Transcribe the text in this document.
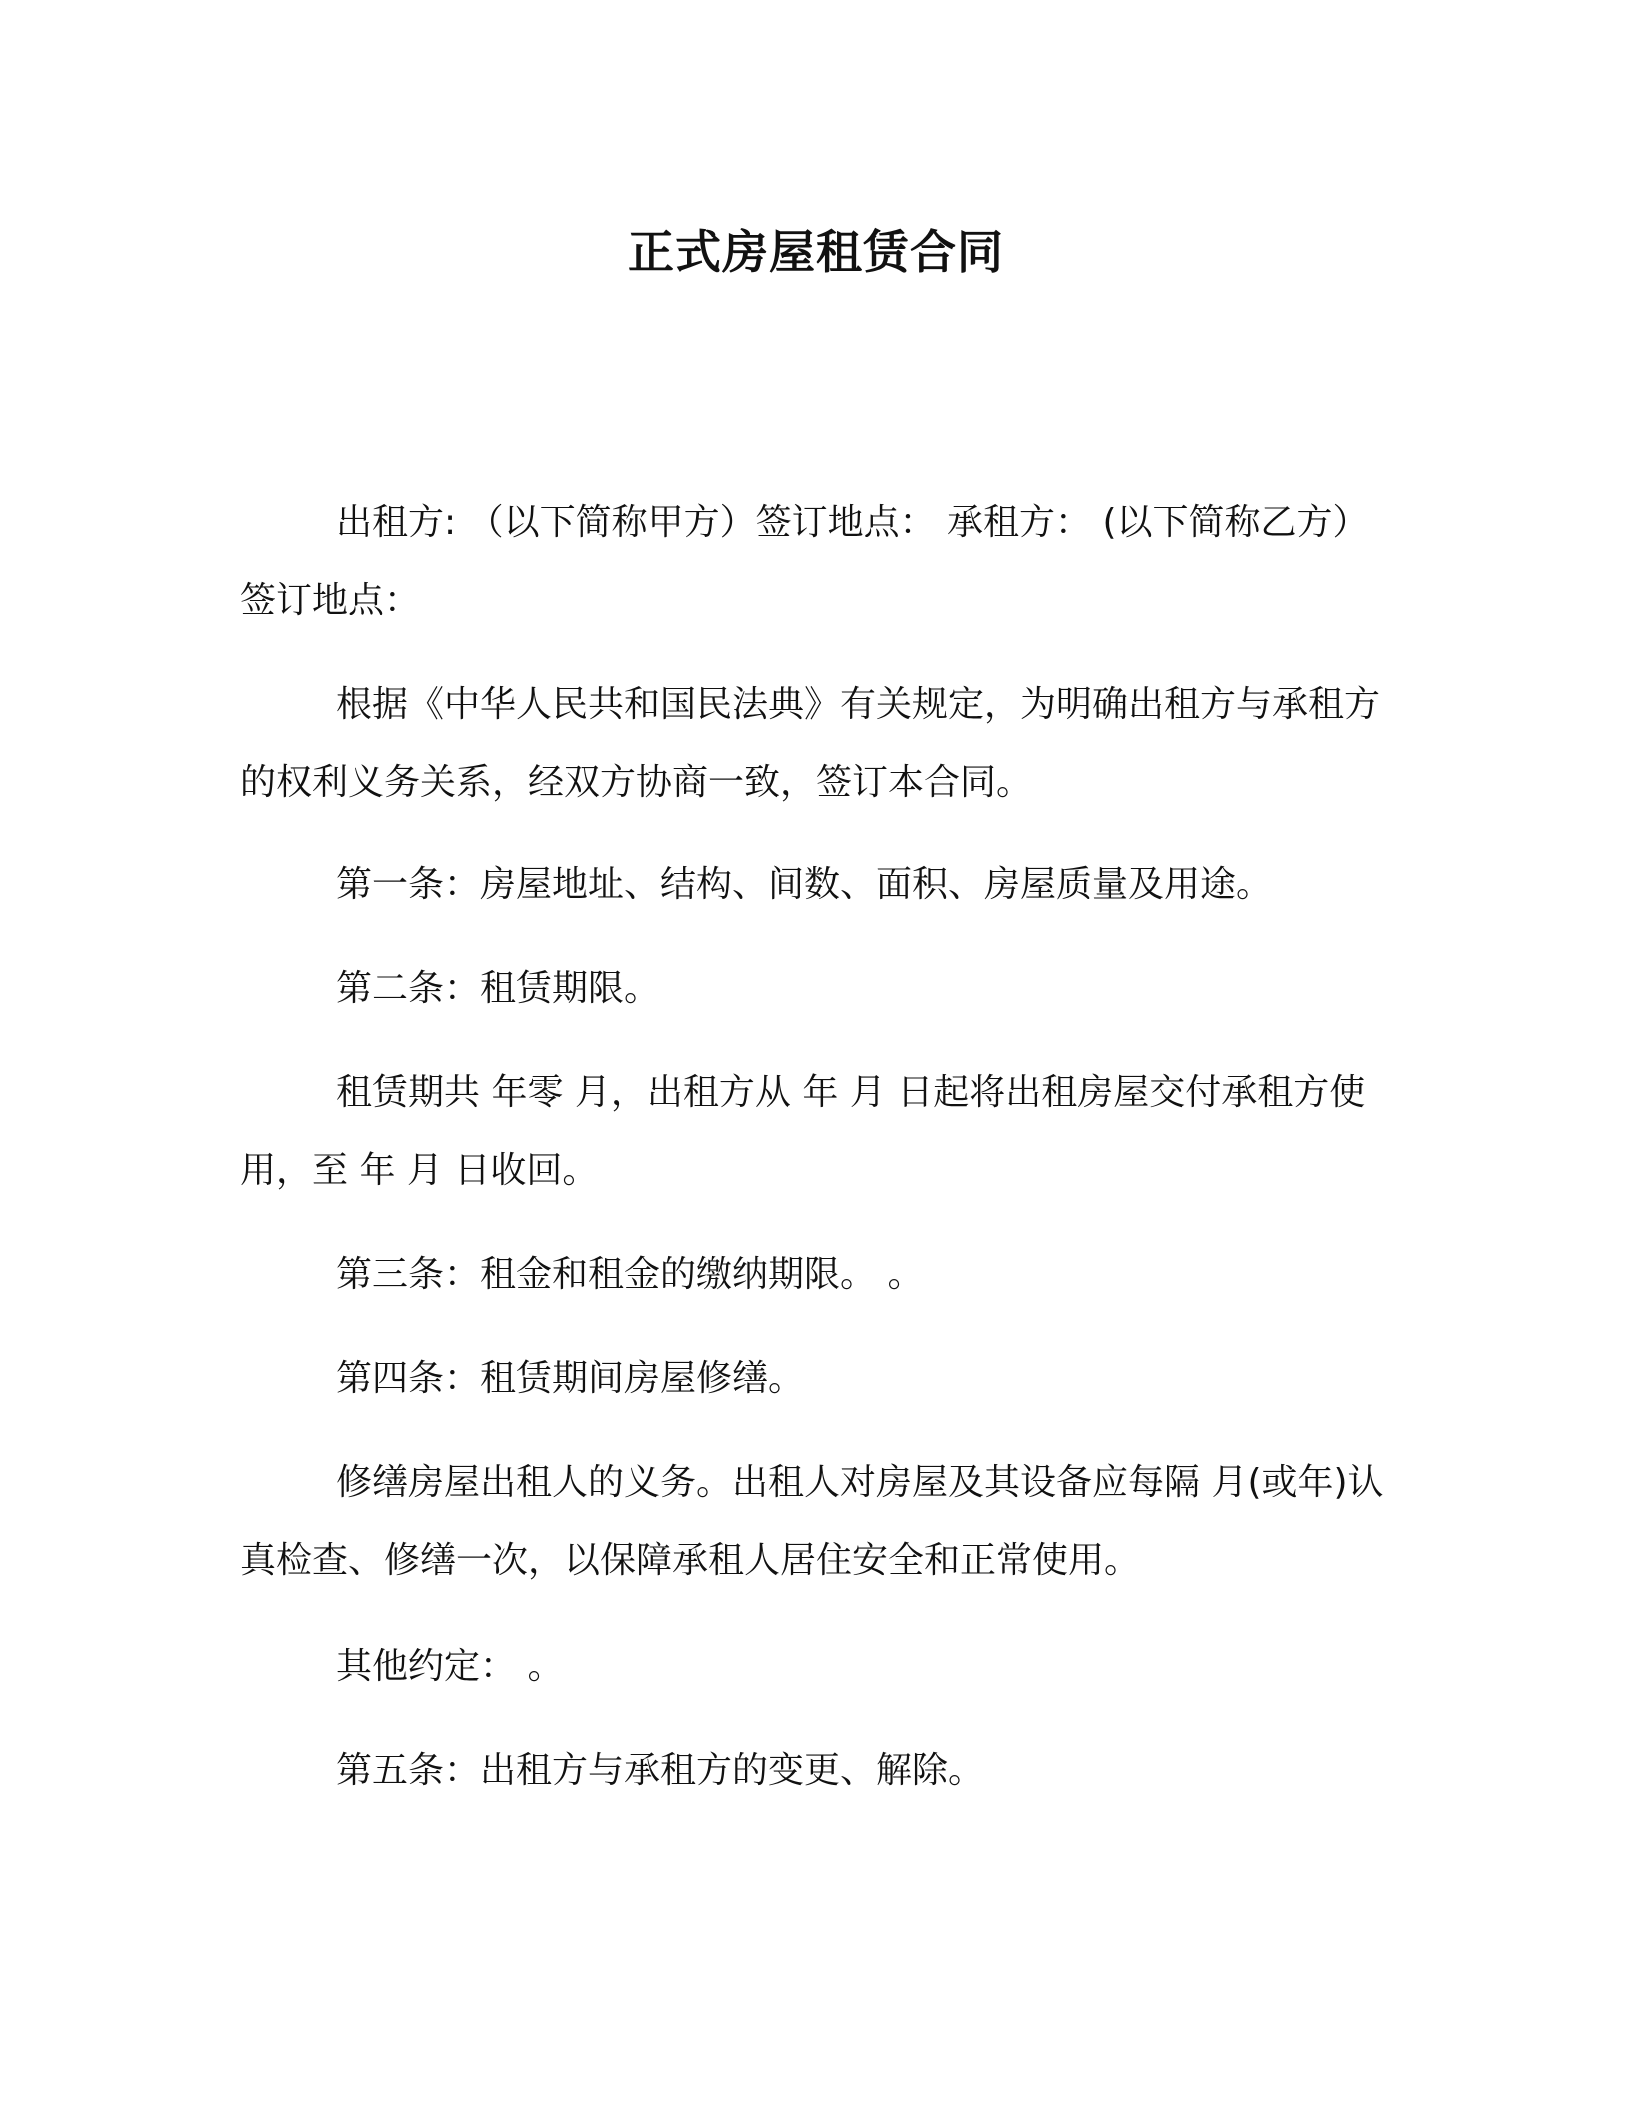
正式房屋租赁合同

出租方: （以下简称甲方）签订地点： 承租方： (以下简称乙方）签订地点：

根据《中华人民共和国民法典》有关规定，为明确出租方与承租方的权利义务关系，经双方协商一致，签订本合同。

第一条：房屋地址、结构、间数、面积、房屋质量及用途。

第二条：租赁期限。

租赁期共 年零 月，出租方从 年 月 日起将出租房屋交付承租方使用，至 年 月 日收回。

第三条：租金和租金的缴纳期限。 。

第四条：租赁期间房屋修缮。

修缮房屋出租人的义务。出租人对房屋及其设备应每隔 月(或年)认真检查、修缮一次，以保障承租人居住安全和正常使用。

其他约定： 。

第五条：出租方与承租方的变更、解除。
